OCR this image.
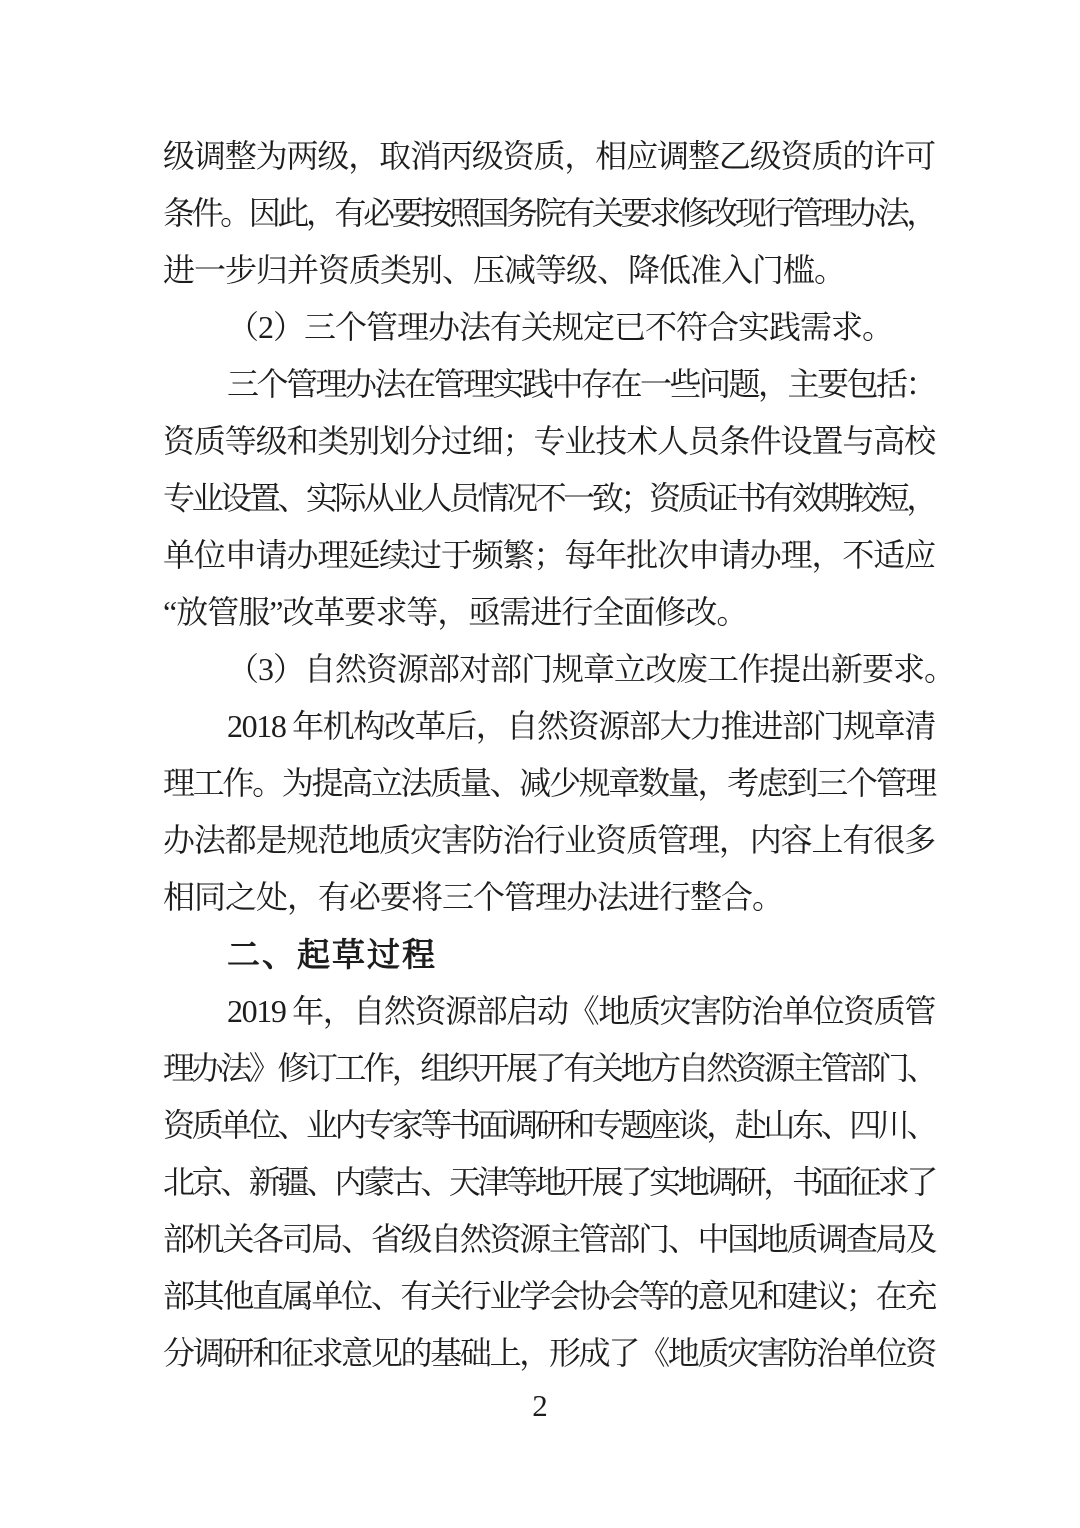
级调整为两级，取消丙级资质，相应调整乙级资质的许可
条件。因此，有必要按照国务院有关要求修改现行管理办法，
进一步归并资质类别、压减等级、降低准入门槛。
（2）三个管理办法有关规定已不符合实践需求。
三个管理办法在管理实践中存在一些问题，主要包括：
资质等级和类别划分过细；专业技术人员条件设置与高校
专业设置、实际从业人员情况不一致；资质证书有效期较短，
单位申请办理延续过于频繁；每年批次申请办理，不适应
“放管服”改革要求等，亟需进行全面修改。
（3）自然资源部对部门规章立改废工作提出新要求。
2018 年机构改革后，自然资源部大力推进部门规章清
理工作。为提高立法质量、减少规章数量，考虑到三个管理
办法都是规范地质灾害防治行业资质管理，内容上有很多
相同之处，有必要将三个管理办法进行整合。
二、起草过程
2019 年，自然资源部启动《地质灾害防治单位资质管
理办法》修订工作，组织开展了有关地方自然资源主管部门、
资质单位、业内专家等书面调研和专题座谈，赴山东、四川、
北京、新疆、内蒙古、天津等地开展了实地调研，书面征求了
部机关各司局、省级自然资源主管部门、中国地质调查局及
部其他直属单位、有关行业学会协会等的意见和建议；在充
分调研和征求意见的基础上，形成了《地质灾害防治单位资
2
